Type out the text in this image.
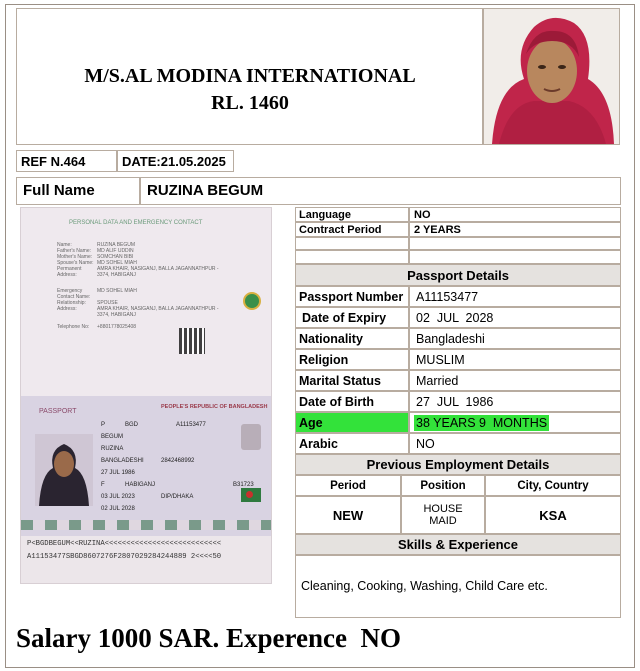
M/S.AL MODINA INTERNATIONAL
RL. 1460
REF N.464	DATE:21.05.2025
Full Name	RUZINA BEGUM
PERSONAL DATA AND EMERGENCY CONTACT
Name:	RUZINA BEGUM
Father's Name:	MD ALIF UDDIN
Mother's Name: SOMCHAN BIBI
Spouse's Name: MD SOHEL MIAH
Permanent Address:
AMRA KHAIR, NASIGANJ, BALLA JAGANNATHPUR - 3374, HABIGANJ
Emergency Contact Name:
MD SOHEL MIAH
Relationship:	SPOUSE
Address:	AMRA KHAIR, NASIGANJ, BALLA JAGANNATHPUR - 3374, HABIGANJ
Telephone No:	+8801778025408
PASSPORT
PEOPLE'S REPUBLIC OF BANGLADESH
P	BGD	A11153477
BEGUM
RUZINA
BANGLADESHI	2842468992
27 JUL 1986
F	HABIGANJ	B31723
03 JUL 2023	DIP/DHAKA
02 JUL 2028
P<BGDBEGUM<<RUZINA<<<<<<<<<<<<<<<<<<<<<<<<<<<
A11153477SBGD8607276F2807029284244889 2<<<<50
Language	NO
Contract Period	2 YEARS
Passport Details
Passport Number	A11153477
Date of Expiry	02  JUL  2028
Nationality	Bangladeshi
Religion	MUSLIM
Marital Status	Married
Date of Birth	27  JUL  1986
Age	38 YEARS 9  MONTHS
Arabic	NO
Previous Employment Details
Period	Position	City, Country
NEW	HOUSE MAID	KSA
Skills & Experience
Cleaning, Cooking, Washing, Child Care etc.
Salary 1000 SAR. Experence  NO
